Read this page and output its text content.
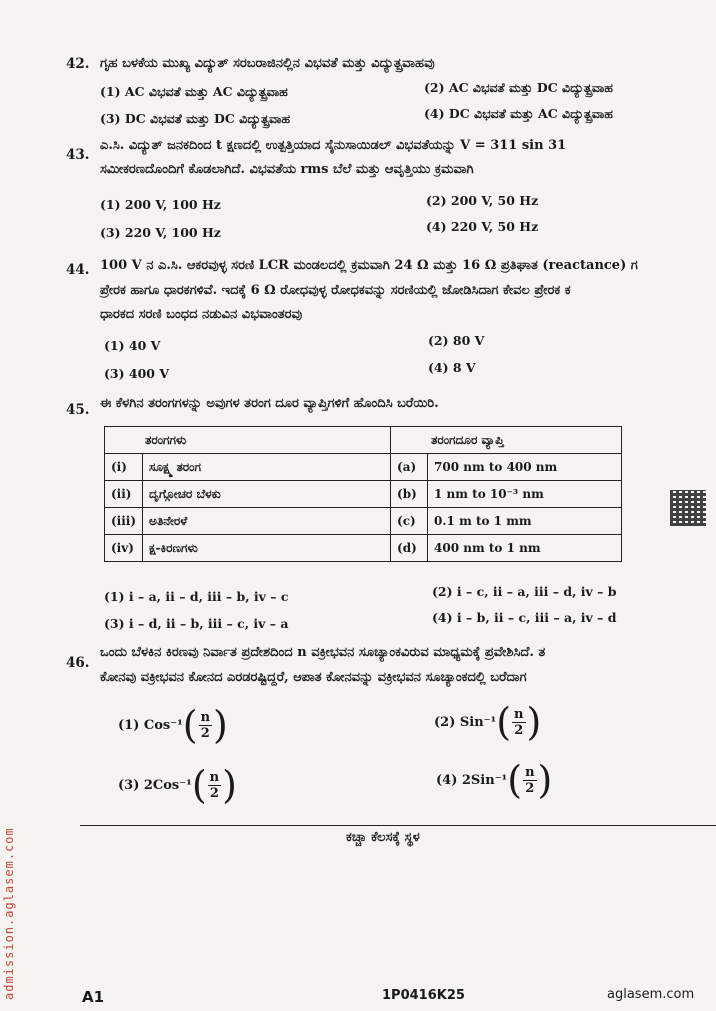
admission.aglasem.com
42. ಗೃಹ ಬಳಕೆಯ ಮುಖ್ಯ ವಿದ್ಯುತ್ ಸರಬರಾಜಿನಲ್ಲಿನ ವಿಭವತೆ ಮತ್ತು ವಿದ್ಯುತ್ಪ್ರವಾಹವು
(1) AC ವಿಭವತೆ ಮತ್ತು AC ವಿದ್ಯುತ್ಪ್ರವಾಹ	(2) AC ವಿಭವತೆ ಮತ್ತು DC ವಿದ್ಯುತ್ಪ್ರವಾಹ
(3) DC ವಿಭವತೆ ಮತ್ತು DC ವಿದ್ಯುತ್ಪ್ರವಾಹ	(4) DC ವಿಭವತೆ ಮತ್ತು AC ವಿದ್ಯುತ್ಪ್ರವಾಹ
43.
ಎ.ಸಿ. ವಿದ್ಯುತ್ ಜನಕದಿಂದ t ಕ್ಷಣದಲ್ಲಿ ಉತ್ಪತ್ತಿಯಾದ ಸೈನುಸಾಯಿಡಲ್ ವಿಭವತೆಯನ್ನು V = 311 sin 31
ಸಮೀಕರಣದೊಂದಿಗೆ ಕೊಡಲಾಗಿದೆ. ವಿಭವತೆಯ rms ಬೆಲೆ ಮತ್ತು ಆವೃತ್ತಿಯು ಕ್ರಮವಾಗಿ
(1) 200 V, 100 Hz	(2) 200 V, 50 Hz
(3) 220 V, 100 Hz	(4) 220 V, 50 Hz
44. 100 V ನ ಎ.ಸಿ. ಆಕರವುಳ್ಳ ಸರಣಿ LCR ಮಂಡಲದಲ್ಲಿ ಕ್ರಮವಾಗಿ 24 Ω ಮತ್ತು 16 Ω ಪ್ರತಿಘಾತ (reactance) ಗ
ಪ್ರೇರಕ ಹಾಗೂ ಧಾರಕಗಳಿವೆ. ಇದಕ್ಕೆ 6 Ω ರೋಧವುಳ್ಳ ರೋಧಕವನ್ನು ಸರಣಿಯಲ್ಲಿ ಜೋಡಿಸಿದಾಗ ಕೇವಲ ಪ್ರೇರಕ ಕ
ಧಾರಕದ ಸರಣಿ ಬಂಧದ ನಡುವಿನ ವಿಭವಾಂತರವು
(1) 40 V	(2) 80 V
(3) 400 V	(4) 8 V
45. ಈ ಕೆಳಗಿನ ತರಂಗಗಳನ್ನು ಅವುಗಳ ತರಂಗ ದೂರ ವ್ಯಾಪ್ತಿಗಳಿಗೆ ಹೊಂದಿಸಿ ಬರೆಯಿರಿ.
ತರಂಗಗಳು		ತರಂಗದೂರ ವ್ಯಾಪ್ತಿ	
(i)	ಸೂಕ್ಷ್ಮ ತರಂಗ	(a)	700 nm to 400 nm
(ii)	ದೃಗ್ಗೋಚರ ಬೆಳಕು	(b)	1 nm to 10⁻³ nm
(iii)	ಅತಿನೇರಳೆ	(c)	0.1 m to 1 mm
(iv)	ಕ್ಷ-ಕಿರಣಗಳು	(d)	400 nm to 1 nm
(1) i – a, ii – d, iii – b, iv – c	(2) i – c, ii – a, iii – d, iv – b
(3) i – d, ii – b, iii – c, iv – a	(4) i – b, ii – c, iii – a, iv – d
46.
ಒಂದು ಬೆಳಕಿನ ಕಿರಣವು ನಿರ್ವಾತ ಪ್ರದೇಶದಿಂದ n ವಕ್ರೀಭವನ ಸೂಚ್ಯಾಂಕವಿರುವ ಮಾಧ್ಯಮಕ್ಕೆ ಪ್ರವೇಶಿಸಿದೆ. ತ
ಕೋನವು ವಕ್ರೀಭವನ ಕೋನದ ಎರಡರಷ್ಟಿದ್ದರೆ, ಆಪಾತ ಕೋನವನ್ನು ವಕ್ರೀಭವನ ಸೂಚ್ಯಾಂಕದಲ್ಲಿ ಬರೆದಾಗ
(1) Cos⁻¹ ( $\frac{n}{2}$ )	(2) Sin⁻¹ ( $\frac{n}{2}$ )
(3) 2Cos⁻¹ ( $\frac{n}{2}$ )	(4) 2Sin⁻¹ ( $\frac{n}{2}$ )
ಕಚ್ಚಾ ಕೆಲಸಕ್ಕೆ ಸ್ಥಳ
A1	1P0416K25	aglasem.com
